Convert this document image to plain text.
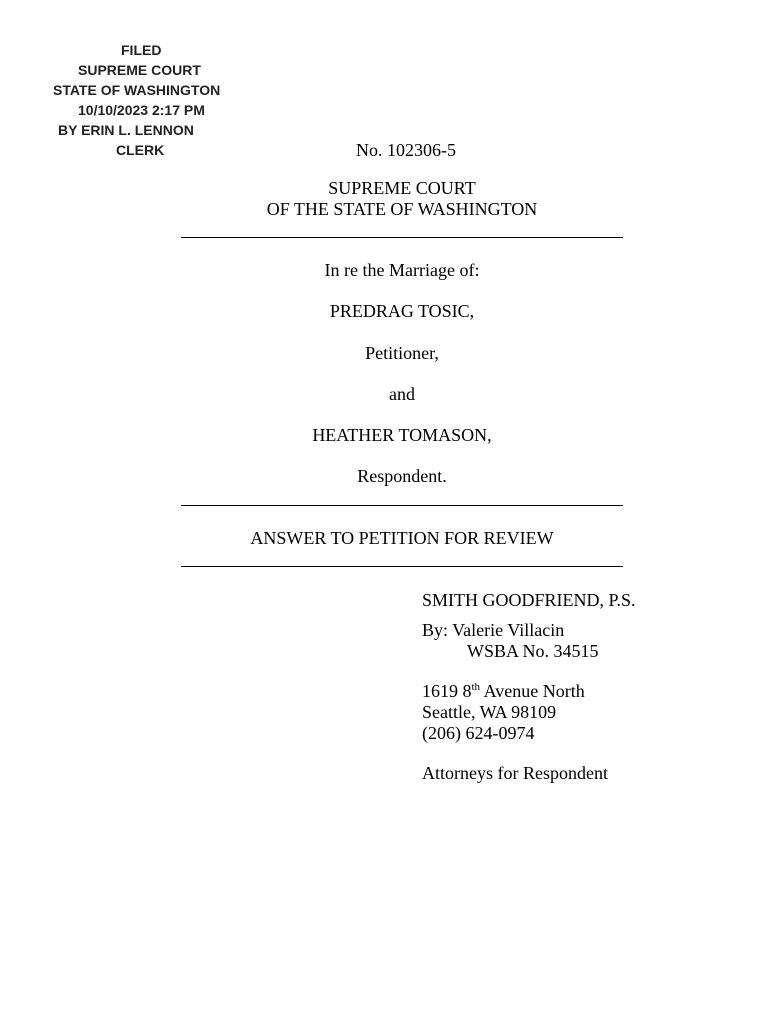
FILED
SUPREME COURT
STATE OF WASHINGTON
10/10/2023 2:17 PM
BY ERIN L. LENNON
CLERK	No. 102306-5
SUPREME COURT
OF THE STATE OF WASHINGTON
In re the Marriage of:
PREDRAG TOSIC,
Petitioner,
and
HEATHER TOMASON,
Respondent.
ANSWER TO PETITION FOR REVIEW
SMITH GOODFRIEND, P.S.
By: Valerie Villacin
WSBA No. 34515
1619 8th Avenue North
Seattle, WA 98109
(206) 624-0974
Attorneys for Respondent
